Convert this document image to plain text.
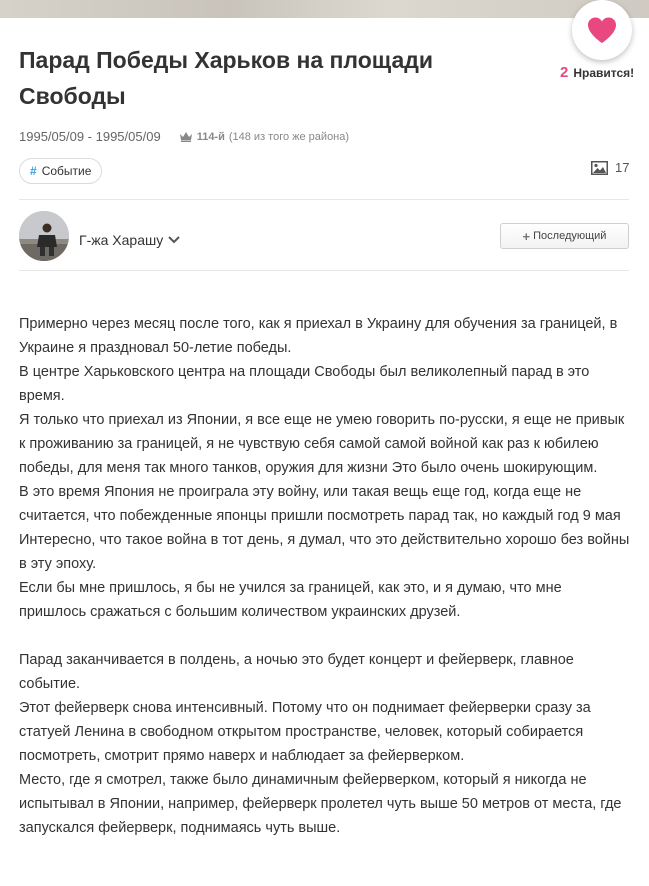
2 Нравится!
Парад Победы Харьков на площади Свободы
1995/05/09 - 1995/05/09	114-й (148 из того же района)
# Событие	17
Г-жа Харашу	+ Последующий

Примерно через месяц после того, как я приехал в Украину для обучения за границей, в Украине я праздновал 50-летие победы.

В центре Харьковского центра на площади Свободы был великолепный парад в это время.

Я только что приехал из Японии, я все еще не умею говорить по-русски, я еще не привык к проживанию за границей, я не чувствую себя самой самой войной как раз к юбилею победы, для меня так много танков, оружия для жизни Это было очень шокирующим.

В это время Япония не проиграла эту войну, или такая вещь еще год, когда еще не считается, что побежденные японцы пришли посмотреть парад так, но каждый год 9 мая Интересно, что такое война в тот день, я думал, что это действительно хорошо без войны в эту эпоху.

Если бы мне пришлось, я бы не учился за границей, как это, и я думаю, что мне пришлось сражаться с большим количеством украинских друзей.

Парад заканчивается в полдень, а ночью это будет концерт и фейерверк, главное событие.

Этот фейерверк снова интенсивный. Потому что он поднимает фейерверки сразу за статуей Ленина в свободном открытом пространстве, человек, который собирается посмотреть, смотрит прямо наверх и наблюдает за фейерверком.

Место, где я смотрел, также было динамичным фейерверком, который я никогда не испытывал в Японии, например, фейерверк пролетел чуть выше 50 метров от места, где запускался фейерверк, поднимаясь чуть выше.
